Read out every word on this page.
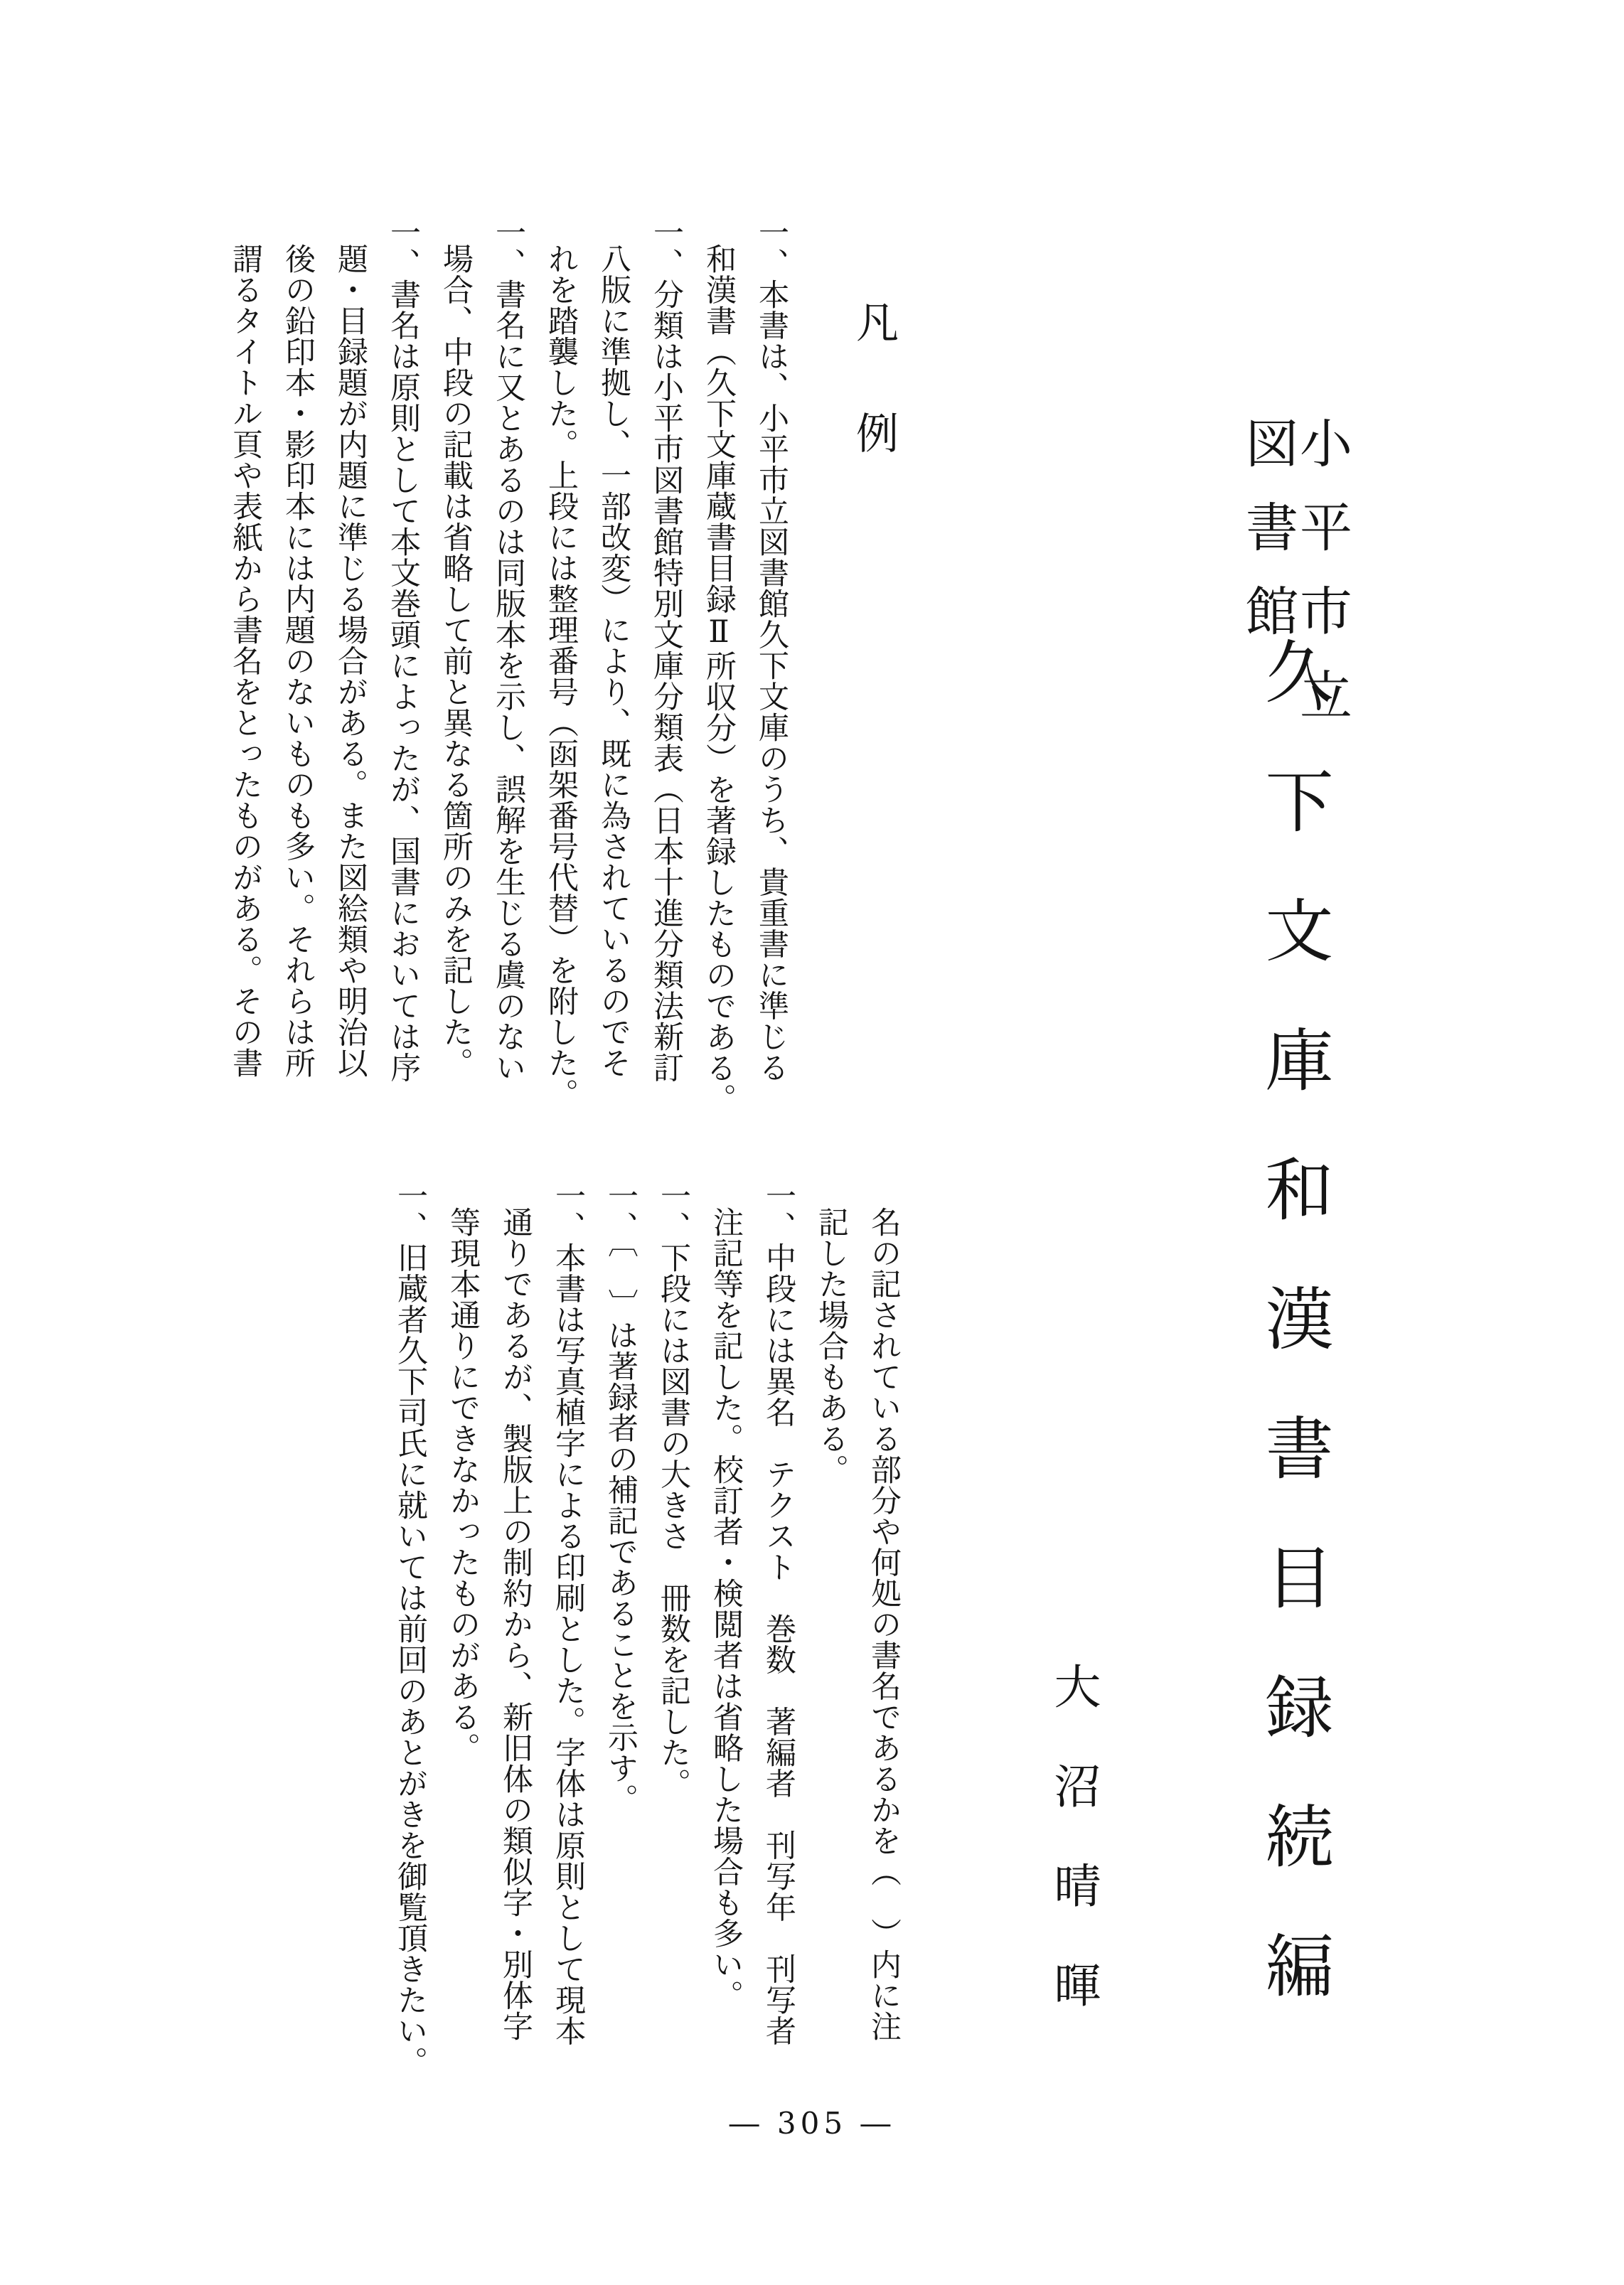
小平市立
図書館
久下文庫和漢書目録続編
大沼晴暉
凡　例
一、本書は、小平市立図書館久下文庫のうち、貴重書に準じる
和漢書（久下文庫蔵書目録Ⅱ所収分）を著録したものである。
一、分類は小平市図書館特別文庫分類表（日本十進分類法新訂
八版に準拠し、一部改変）により、既に為されているのでそ
れを踏襲した。上段には整理番号（函架番号代替）を附した。
一、書名に又とあるのは同版本を示し、誤解を生じる虞のない
場合、中段の記載は省略して前と異なる箇所のみを記した。
一、書名は原則として本文巻頭によったが、国書においては序
題・目録題が内題に準じる場合がある。また図絵類や明治以
後の鉛印本・影印本には内題のないものも多い。それらは所
謂るタイトル頁や表紙から書名をとったものがある。その書
名の記されている部分や何処の書名であるかを（　）内に注
記した場合もある。
一、中段には異名　テクスト　巻数　著編者　刊写年　刊写者
注記等を記した。校訂者・検閲者は省略した場合も多い。
一、下段には図書の大きさ　冊数を記した。
一、〔　〕は著録者の補記であることを示す。
一、本書は写真植字による印刷とした。字体は原則として現本
通りであるが、製版上の制約から、新旧体の類似字・別体字
等現本通りにできなかったものがある。
一、旧蔵者久下司氏に就いては前回のあとがきを御覧頂きたい。
― 305 ―
